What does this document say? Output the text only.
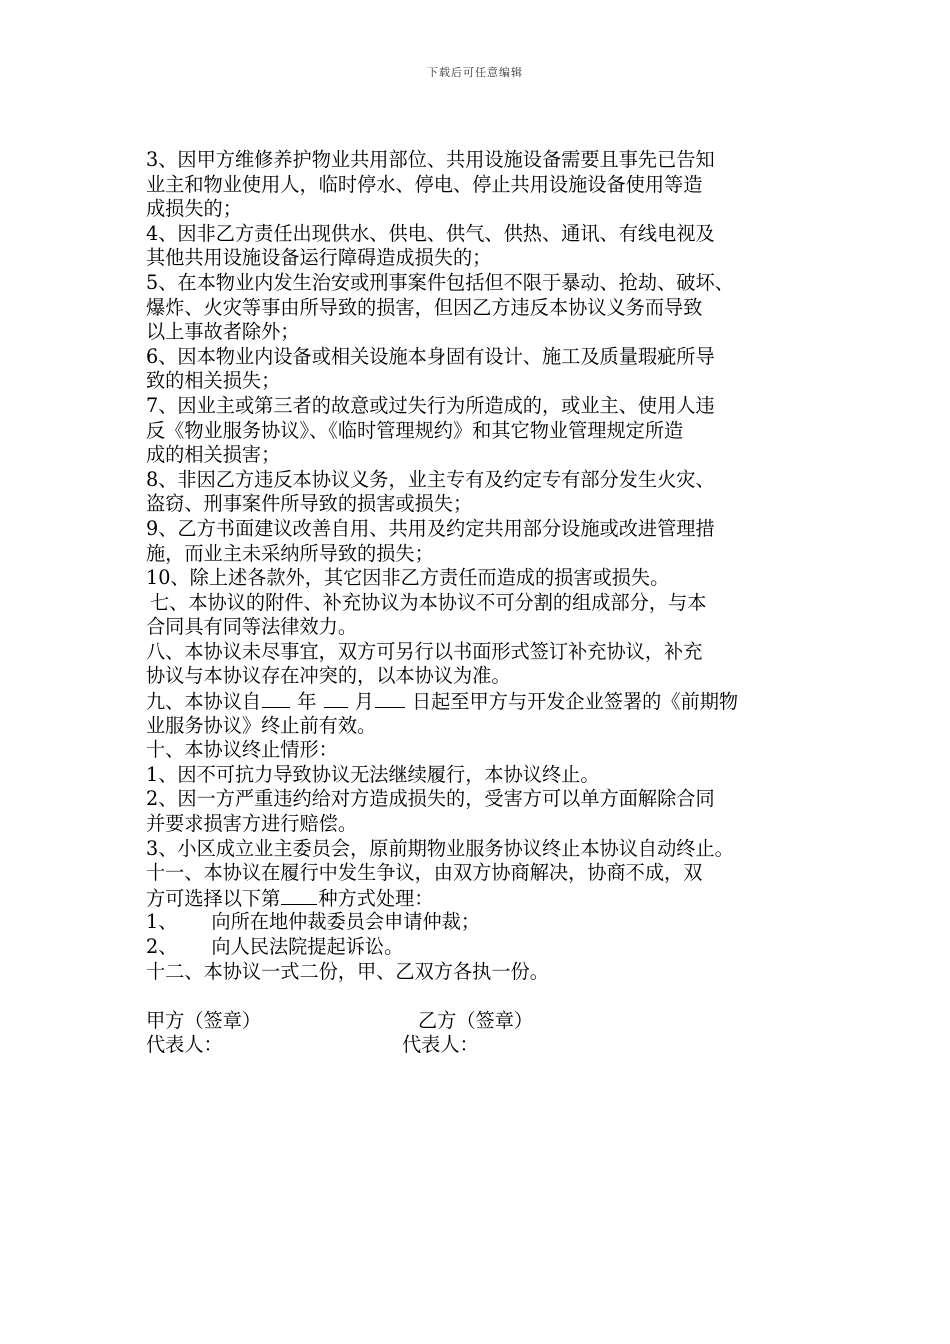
下载后可任意编辑
3、因甲方维修养护物业共用部位、共用设施设备需要且事先已告知
业主和物业使用人，临时停水、停电、停止共用设施设备使用等造
成损失的；
4、因非乙方责任出现供水、供电、供气、供热、通讯、有线电视及
其他共用设施设备运行障碍造成损失的；
5、在本物业内发生治安或刑事案件包括但不限于暴动、抢劫、破坏、
爆炸、火灾等事由所导致的损害，但因乙方违反本协议义务而导致
以上事故者除外；
6、因本物业内设备或相关设施本身固有设计、施工及质量瑕疵所导
致的相关损失；
7、因业主或第三者的故意或过失行为所造成的，或业主、使用人违
反《物业服务协议》、《临时管理规约》和其它物业管理规定所造
成的相关损害；
8、非因乙方违反本协议义务，业主专有及约定专有部分发生火灾、
盗窃、刑事案件所导致的损害或损失；
9、乙方书面建议改善自用、共用及约定共用部分设施或改进管理措
施，而业主未采纳所导致的损失；
10、除上述各款外，其它因非乙方责任而造成的损害或损失。
七、本协议的附件、补充协议为本协议不可分割的组成部分，与本
合同具有同等法律效力。
八、本协议未尽事宜，双方可另行以书面形式签订补充协议，补充
协议与本协议存在冲突的，以本协议为准。
九、本协议自 年 月 日起至甲方与开发企业签署的《前期物
业服务协议》终止前有效。
十、本协议终止情形：
1、因不可抗力导致协议无法继续履行，本协议终止。
2、因一方严重违约给对方造成损失的，受害方可以单方面解除合同
并要求损害方进行赔偿。
3、小区成立业主委员会，原前期物业服务协议终止本协议自动终止。
十一、本协议在履行中发生争议，由双方协商解决，协商不成，双
方可选择以下第 种方式处理：
1、 向所在地仲裁委员会申请仲裁；
2、 向人民法院提起诉讼。
十二、本协议一式二份，甲、乙双方各执一份。
甲方（签章）	乙方（签章）
代表人：	代表人：
